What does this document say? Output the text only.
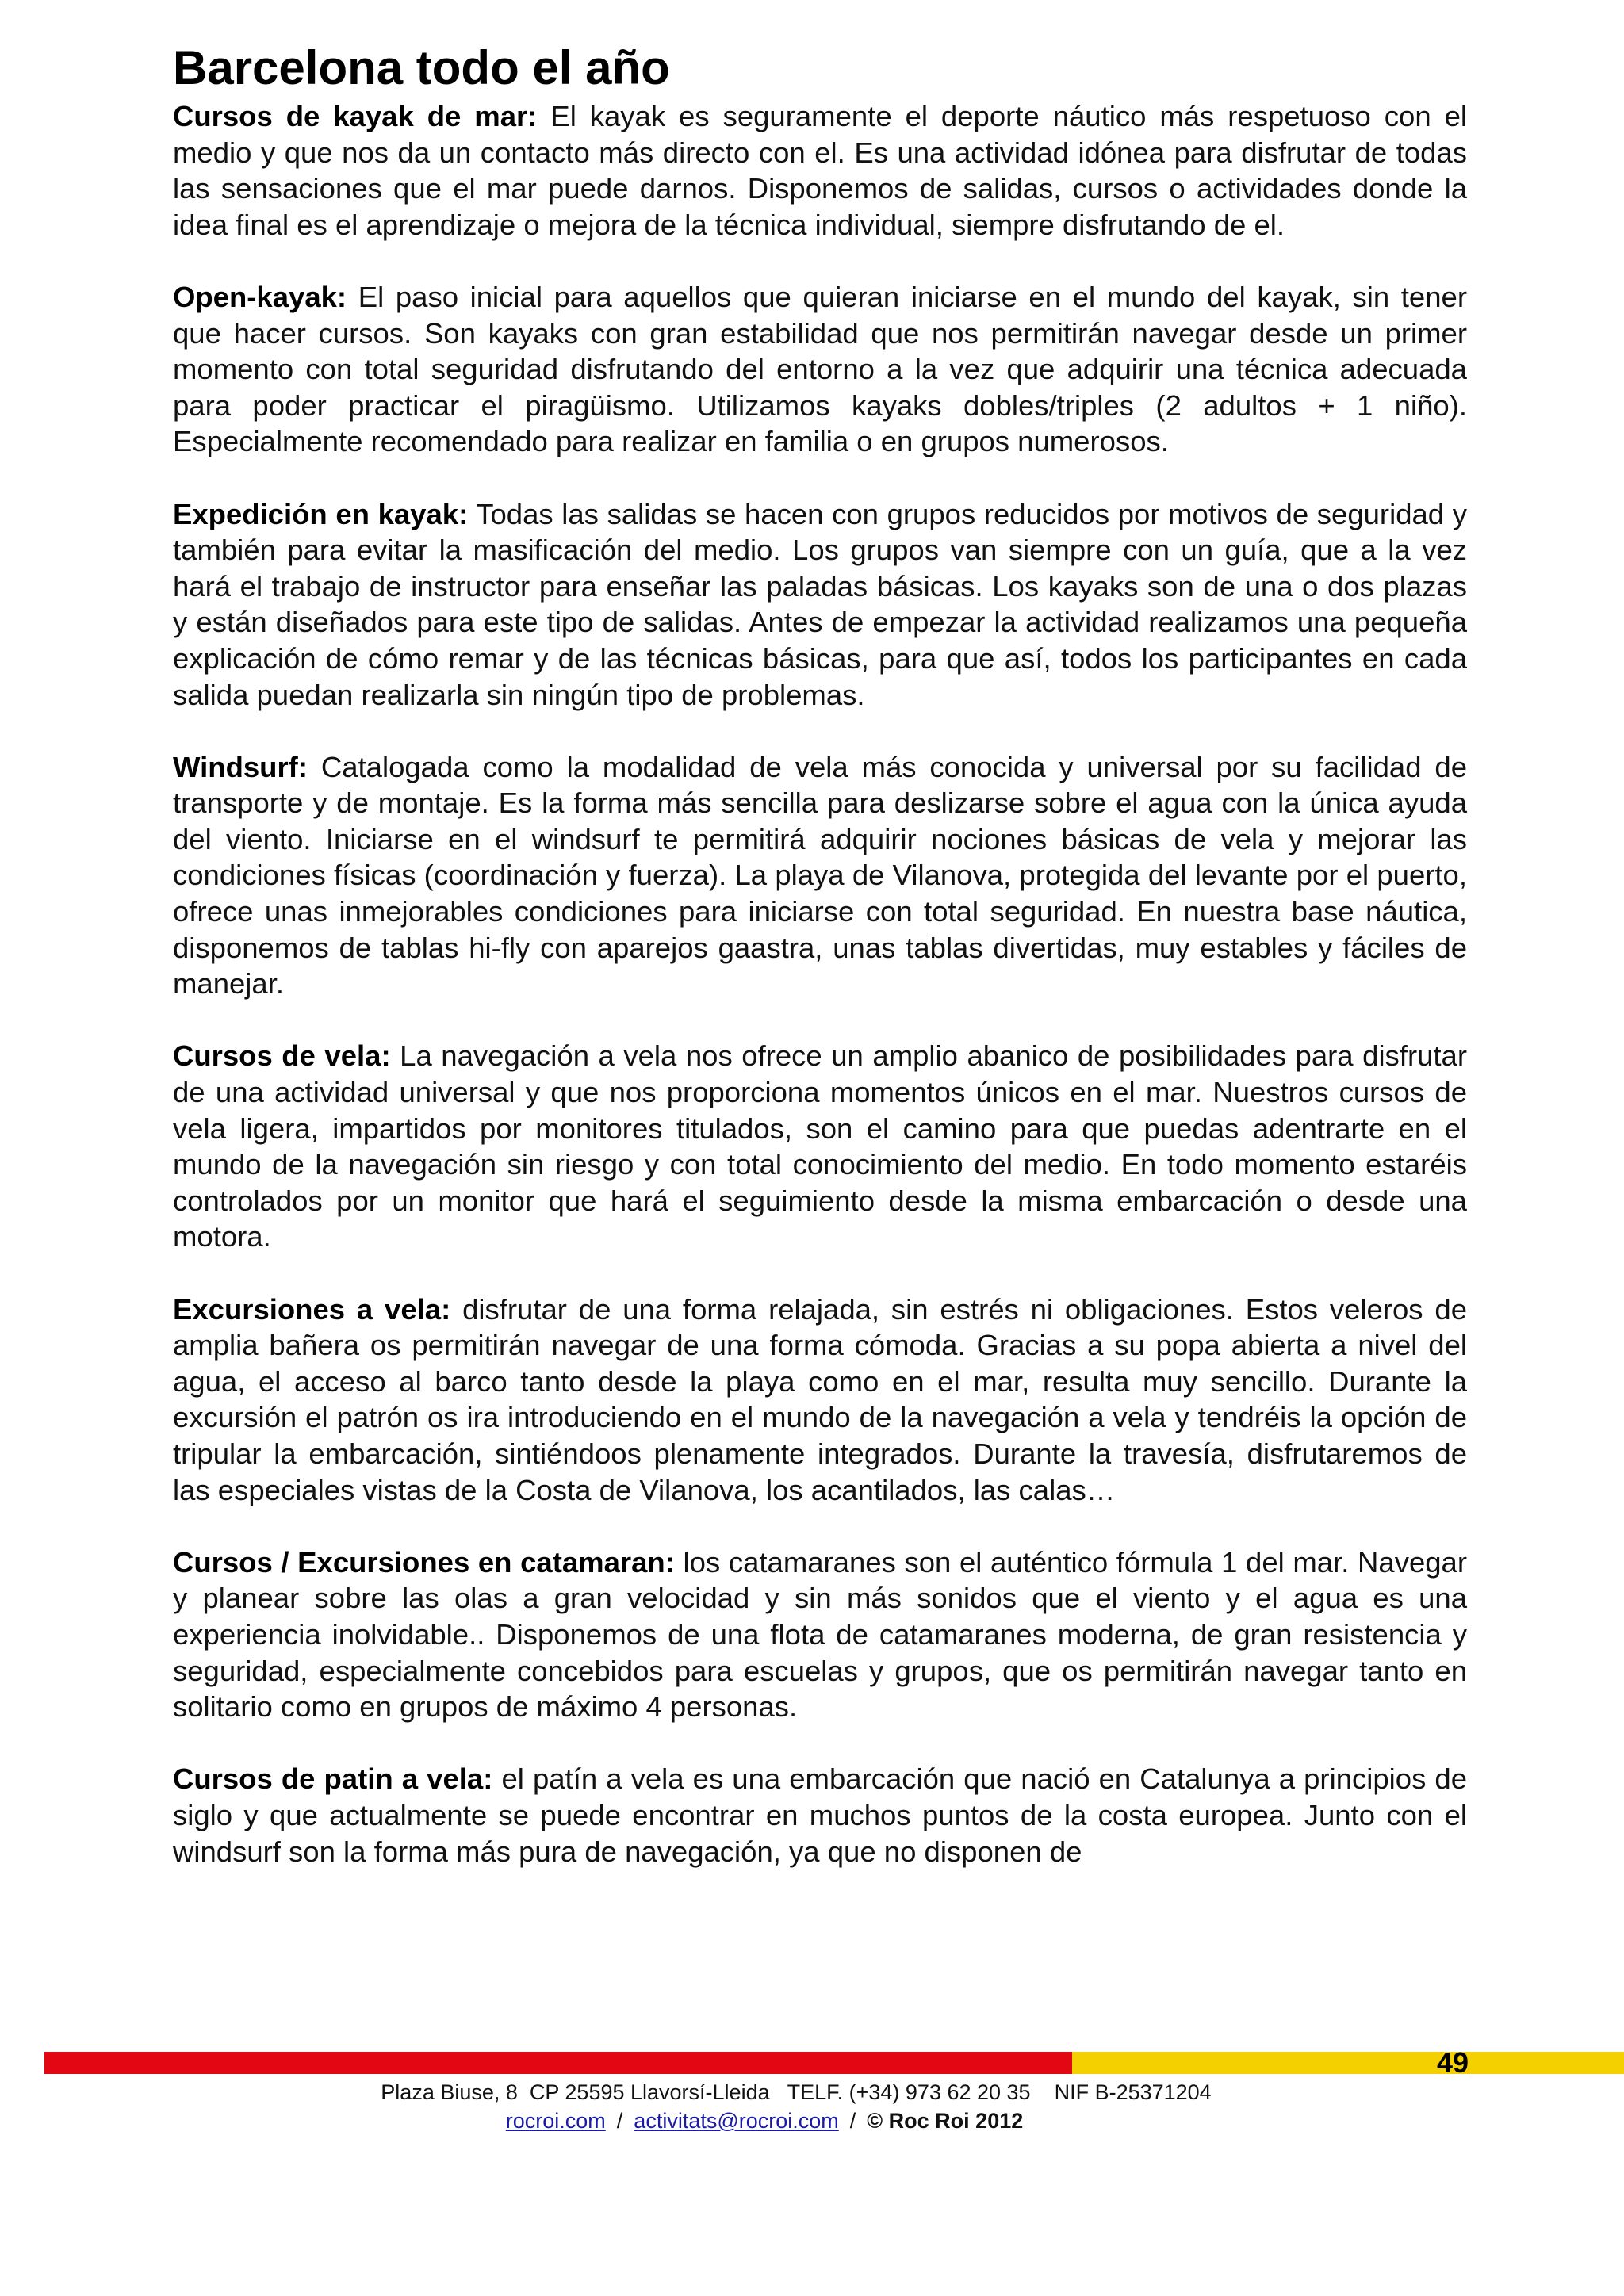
Barcelona todo el año

Cursos de kayak de mar: El kayak es seguramente el deporte náutico más respetuoso con el medio y que nos da un contacto más directo con el. Es una actividad idónea para disfrutar de todas las sensaciones que el mar puede darnos. Disponemos de salidas, cursos o actividades donde la idea final es el aprendizaje o mejora de la técnica individual, siempre disfrutando de el.

Open-kayak: El paso inicial para aquellos que quieran iniciarse en el mundo del kayak, sin tener que hacer cursos. Son kayaks con gran estabilidad que nos permitirán navegar desde un primer momento con total seguridad disfrutando del entorno a la vez que adquirir una técnica adecuada para poder practicar el piragüismo. Utilizamos kayaks dobles/triples (2 adultos + 1 niño). Especialmente recomendado para realizar en familia o en grupos numerosos.

Expedición en kayak: Todas las salidas se hacen con grupos reducidos por motivos de seguridad y también para evitar la masificación del medio. Los grupos van siempre con un guía, que a la vez hará el trabajo de instructor para enseñar las paladas básicas. Los kayaks son de una o dos plazas y están diseñados para este tipo de salidas. Antes de empezar la actividad realizamos una pequeña explicación de cómo remar y de las técnicas básicas, para que así, todos los participantes en cada salida puedan realizarla sin ningún tipo de problemas.

Windsurf: Catalogada como la modalidad de vela más conocida y universal por su facilidad de transporte y de montaje. Es la forma más sencilla para deslizarse sobre el agua con la única ayuda del viento. Iniciarse en el windsurf te permitirá adquirir nociones básicas de vela y mejorar las condiciones físicas (coordinación y fuerza). La playa de Vilanova, protegida del levante por el puerto, ofrece unas inmejorables condiciones para iniciarse con total seguridad. En nuestra base náutica, disponemos de tablas hi-fly con aparejos gaastra, unas tablas divertidas, muy estables y fáciles de manejar.

Cursos de vela: La navegación a vela nos ofrece un amplio abanico de posibilidades para disfrutar de una actividad universal y que nos proporciona momentos únicos en el mar. Nuestros cursos de vela ligera, impartidos por monitores titulados, son el camino para que puedas adentrarte en el mundo de la navegación sin riesgo y con total conocimiento del medio. En todo momento estaréis controlados por un monitor que hará el seguimiento desde la misma embarcación o desde una motora.

Excursiones a vela: disfrutar de una forma relajada, sin estrés ni obligaciones. Estos veleros de amplia bañera os permitirán navegar de una forma cómoda. Gracias a su popa abierta a nivel del agua, el acceso al barco tanto desde la playa como en el mar, resulta muy sencillo. Durante la excursión el patrón os ira introduciendo en el mundo de la navegación a vela y tendréis la opción de tripular la embarcación, sintiéndoos plenamente integrados. Durante la travesía, disfrutaremos de las especiales vistas de la Costa de Vilanova, los acantilados, las calas…

Cursos / Excursiones en catamaran: los catamaranes son el auténtico fórmula 1 del mar. Navegar y planear sobre las olas a gran velocidad y sin más sonidos que el viento y el agua es una experiencia inolvidable.. Disponemos de una flota de catamaranes moderna, de gran resistencia y seguridad, especialmente concebidos para escuelas y grupos, que os permitirán navegar tanto en solitario como en grupos de máximo 4 personas.

Cursos de patin a vela: el patín a vela es una embarcación que nació en Catalunya a principios de siglo y que actualmente se puede encontrar en muchos puntos de la costa europea. Junto con el windsurf son la forma más pura de navegación, ya que no disponen de

49
Plaza Biuse, 8  CP 25595 Llavorsí-Lleida   TELF. (+34) 973 62 20 35    NIF B-25371204
rocroi.com / activitats@rocroi.com / © Roc Roi 2012
